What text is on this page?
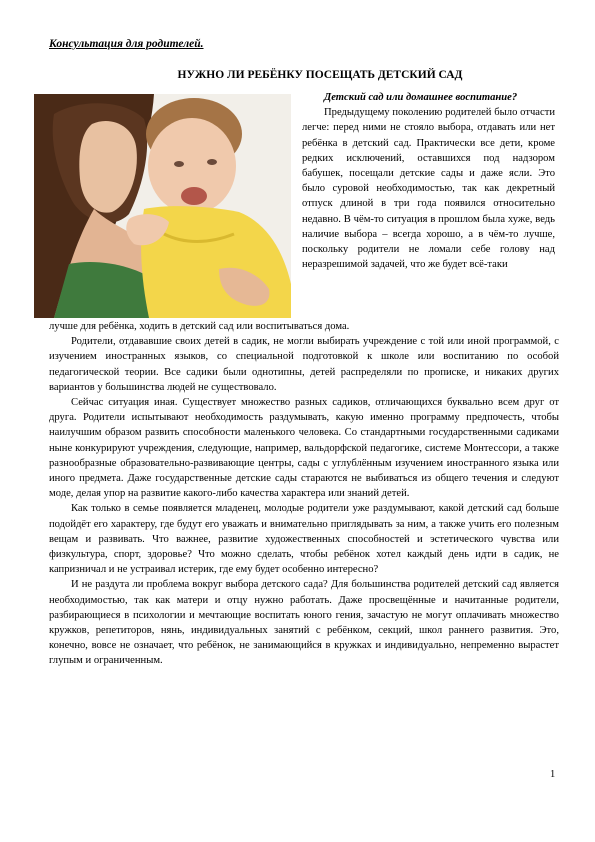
Консультация для родителей.
НУЖНО ЛИ РЕБЁНКУ ПОСЕЩАТЬ ДЕТСКИЙ САД

Детский сад или домашнее воспитание?

Предыдущему поколению родителей было отчасти легче: перед ними не стояло выбора, отдавать или нет ребёнка в детский сад. Практически все дети, кроме редких исключений, оставшихся под надзором бабушек, посещали детские сады и даже ясли. Это было суровой необходимостью, так как декретный отпуск длиной в три года появился относительно недавно. В чём-то ситуация в прошлом была хуже, ведь наличие выбора – всегда хорошо, а в чём-то лучше, поскольку родители не ломали себе голову над неразрешимой задачей, что же будет всё-таки

лучше для ребёнка, ходить в детский сад или воспитываться дома.

Родители, отдававшие своих детей в садик, не могли выбирать учреждение с той или иной программой, с изучением иностранных языков, со специальной подготовкой к школе или воспитанию по особой педагогической теории. Все садики были однотипны, детей распределяли по прописке, и никаких других вариантов у большинства людей не существовало.

Сейчас ситуация иная. Существует множество разных садиков, отличающихся буквально всем друг от друга. Родители испытывают необходимость раздумывать, какую именно программу предпочесть, чтобы наилучшим образом развить способности маленького человека. Со стандартными государственными садиками ныне конкурируют учреждения, следующие, например, вальдорфской педагогике, системе Монтессори, а также разнообразные образовательно-развивающие центры, сады с углублённым изучением иностранного языка или иного предмета. Даже государственные детские сады стараются не выбиваться из общего течения и следуют моде, делая упор на развитие какого-либо качества характера или знаний детей.

Как только в семье появляется младенец, молодые родители уже раздумывают, какой детский сад больше подойдёт его характеру, где будут его уважать и внимательно приглядывать за ним, а также учить его полезным вещам и развивать. Что важнее, развитие художественных способностей и эстетического чувства или физкультура, спорт, здоровье? Что можно сделать, чтобы ребёнок хотел каждый день идти в садик, не капризничал и не устраивал истерик, где ему будет особенно интересно?

И не раздута ли проблема вокруг выбора детского сада? Для большинства родителей детский сад является необходимостью, так как матери и отцу нужно работать. Даже просвещённые и начитанные родители, разбирающиеся в психологии и мечтающие воспитать юного гения, зачастую не могут оплачивать множество кружков, репетиторов, нянь, индивидуальных занятий с ребёнком, секций, школ раннего развития. Это, конечно, вовсе не означает, что ребёнок, не занимающийся в кружках и индивидуально, непременно вырастет глупым и ограниченным.

1
